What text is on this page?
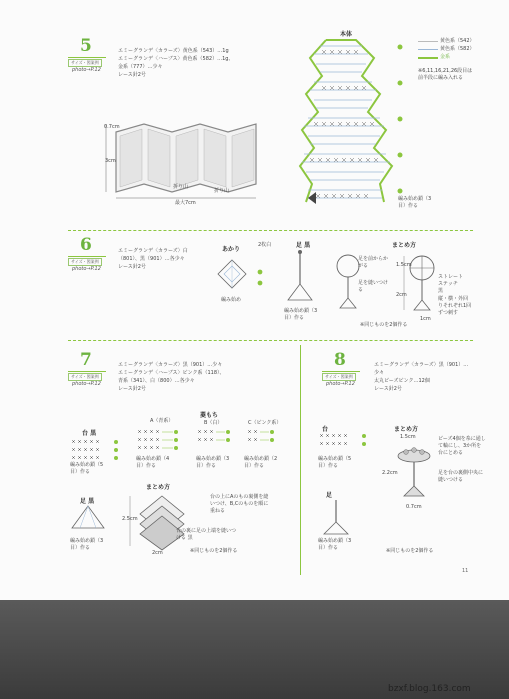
5
サイズ・図案例
photo→P.12
エミーグランデ〈カラーズ〉黄色系（543）…1g
エミーグランデ〈ハーブス〉黄色系（582）…1g、
金系（777）…少々
レース針2号
0.7cm
3cm
折り山
折り山
最大7cm
本体
黄色系（542）
黄色系（582）
金系
※6,11,16,21,26段目は前半段に編み入れる
編み始め鎖（3目）作る
6
サイズ・図案例
photo→P.12
エミーグランデ〈カラーズ〉白
（801）、黒（901）…各少々
レース針2号
あかり
2枚白
編み始め
足 黒
編み始め鎖（3目）作る
まとめ方
足を前からかがる
足を縫いつける
ストレートステッチ 黒
1.5cm
2cm
1cm
縦・横・外回りそれぞれ1回ずつ刺す
※同じものを2個作る
7
サイズ・図案例
photo→P.12
エミーグランデ〈カラーズ〉黒（901）…少々
エミーグランデ〈ハーブス〉ピンク系（118）、
青系（341）、白（800）…各少々
レース針2号
菱もち
A（青系）	B（白）	C（ピンク系）
編み始め鎖（4目）作る
編み始め鎖（3目）作る
編み始め鎖（2目）作る
台 黒
編み始め鎖（5目）作る
足 黒
編み始め鎖（3目）作る
まとめ方
2.5cm
2cm
台の上にAのもの裏側を縫いつけ、B,Cのものを順に重ねる
台の裏に足の上端を縫いつける 黒
※同じものを2個作る
8
サイズ・図案例
photo→P.12
エミーグランデ〈カラーズ〉黒（901）…
少々
太丸ビーズピンク…12個
レース針2号
台
編み始め鎖（5目）作る
足
編み始め鎖（3目）作る
まとめ方
1.5cm
2.2cm
0.7cm
ビーズ4個を糸に通して輪にし、3か所を台にとめる
足を台の裏側中央に縫いつける
※同じものを2個作る
11
bzxf.blog.163.com
